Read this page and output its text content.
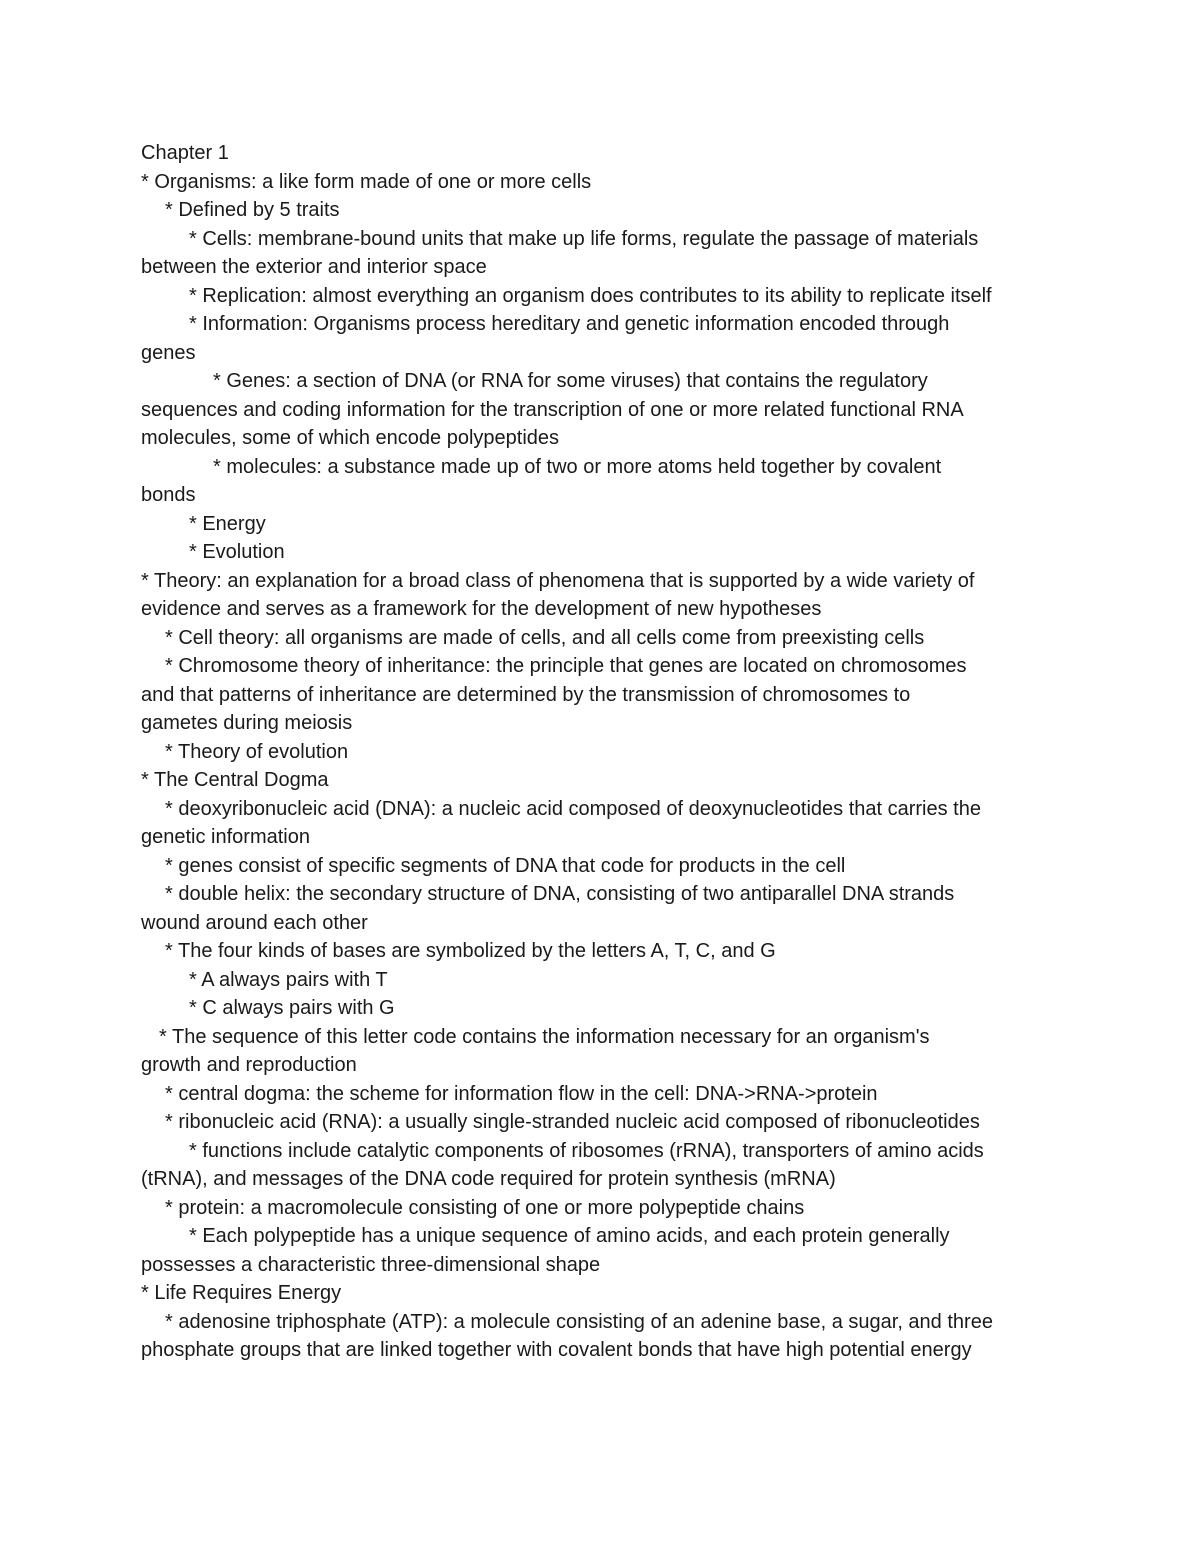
Chapter 1

* Organisms: a like form made of one or more cells

* Defined by 5 traits

* Cells: membrane-bound units that make up life forms, regulate the passage of materials

between the exterior and interior space

* Replication: almost everything an organism does contributes to its ability to replicate itself

* Information: Organisms process hereditary and genetic information encoded through

genes

* Genes: a section of DNA (or RNA for some viruses) that contains the regulatory

sequences and coding information for the transcription of one or more related functional RNA

molecules, some of which encode polypeptides

* molecules: a substance made up of two or more atoms held together by covalent

bonds

* Energy

* Evolution

* Theory: an explanation for a broad class of phenomena that is supported by a wide variety of

evidence and serves as a framework for the development of new hypotheses

* Cell theory: all organisms are made of cells, and all cells come from preexisting cells

* Chromosome theory of inheritance: the principle that genes are located on chromosomes

and that patterns of inheritance are determined by the transmission of chromosomes to

gametes during meiosis

* Theory of evolution

* The Central Dogma

* deoxyribonucleic acid (DNA): a nucleic acid composed of deoxynucleotides that carries the

genetic information

* genes consist of specific segments of DNA that code for products in the cell

* double helix: the secondary structure of DNA, consisting of two antiparallel DNA strands

wound around each other

* The four kinds of bases are symbolized by the letters A, T, C, and G

* A always pairs with T

* C always pairs with G

* The sequence of this letter code contains the information necessary for an organism's

growth and reproduction

* central dogma: the scheme for information flow in the cell: DNA->RNA->protein

* ribonucleic acid (RNA): a usually single-stranded nucleic acid composed of ribonucleotides

* functions include catalytic components of ribosomes (rRNA), transporters of amino acids

(tRNA), and messages of the DNA code required for protein synthesis (mRNA)

* protein: a macromolecule consisting of one or more polypeptide chains

* Each polypeptide has a unique sequence of amino acids, and each protein generally

possesses a characteristic three-dimensional shape

* Life Requires Energy

* adenosine triphosphate (ATP): a molecule consisting of an adenine base, a sugar, and three

phosphate groups that are linked together with covalent bonds that have high potential energy
